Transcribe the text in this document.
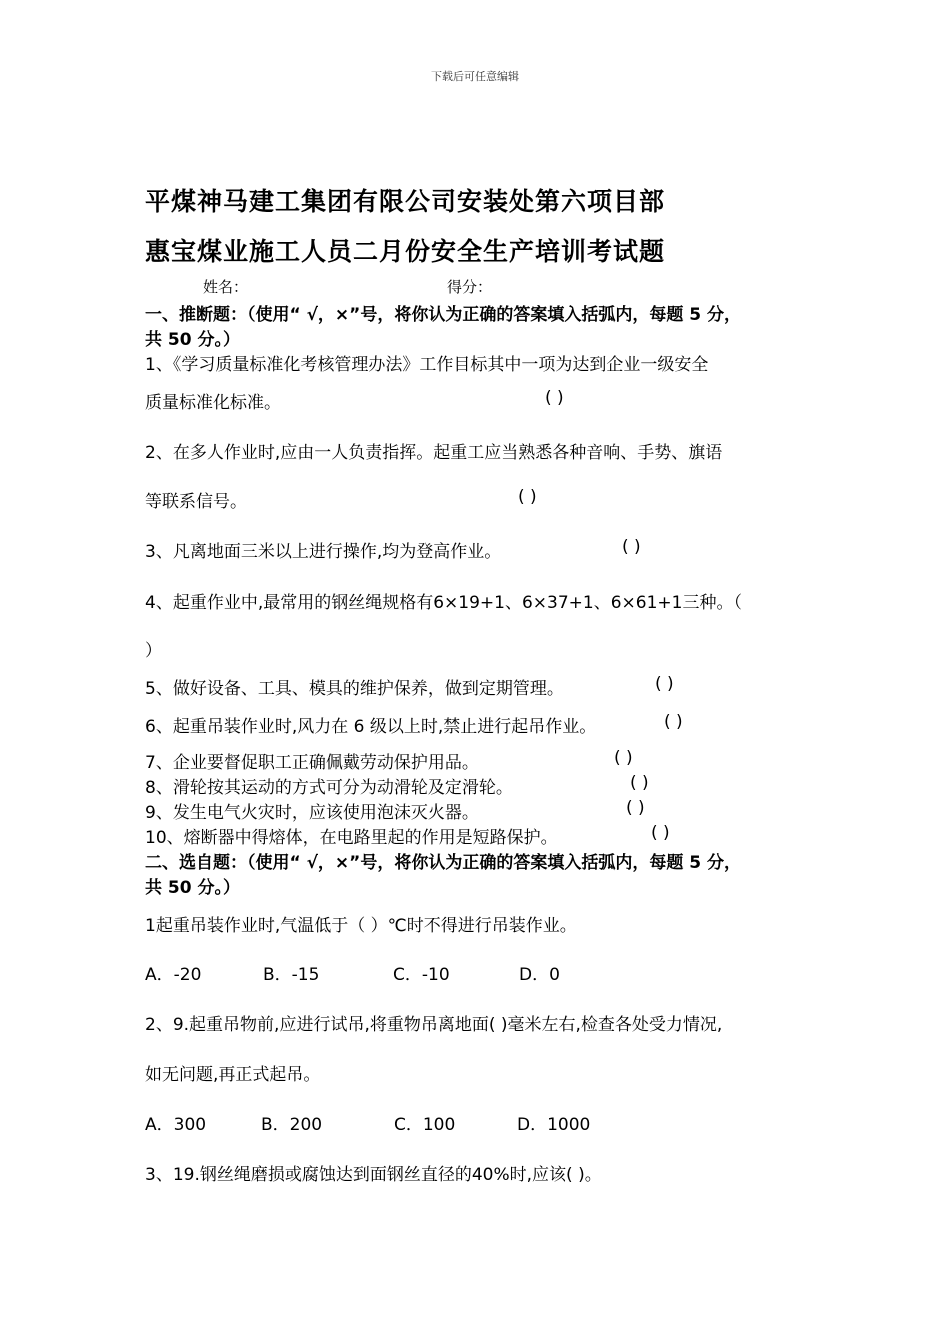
下载后可任意编辑
平煤神马建工集团有限公司安装处第六项目部
惠宝煤业施工人员二月份安全生产培训考试题
姓名：	得分：
一、推断题：（使用“ √，×”号，将你认为正确的答案填入括弧内，每题 5 分，
共 50 分。）
1、《学习质量标准化考核管理办法》工作目标其中一项为达到企业一级安全
质量标准化标准。	( )
2、在多人作业时,应由一人负责指挥。起重工应当熟悉各种音响、手势、旗语
等联系信号。	( )
3、凡离地面三米以上进行操作,均为登高作业。	( )
4、起重作业中,最常用的钢丝绳规格有6×19+1、6×37+1、6×61+1三种。（
）
5、做好设备、工具、模具的维护保养，做到定期管理。	( )
6、起重吊装作业时,风力在 6 级以上时,禁止进行起吊作业。	( )
7、企业要督促职工正确佩戴劳动保护用品。	( )
8、滑轮按其运动的方式可分为动滑轮及定滑轮。	( )
9、发生电气火灾时，应该使用泡沫灭火器。	( )
10、熔断器中得熔体，在电路里起的作用是短路保护。	( )
二、选自题：（使用“ √，×”号，将你认为正确的答案填入括弧内，每题 5 分，
共 50 分。）
1起重吊装作业时,气温低于（ ）℃时不得进行吊装作业。
A．-20	B．-15	C．-10	D．0
2、9.起重吊物前,应进行试吊,将重物吊离地面( )毫米左右,检查各处受力情况,
如无问题,再正式起吊。
A．300	B．200	C．100	D．1000
3、19.钢丝绳磨损或腐蚀达到面钢丝直径的40%时,应该( )。
